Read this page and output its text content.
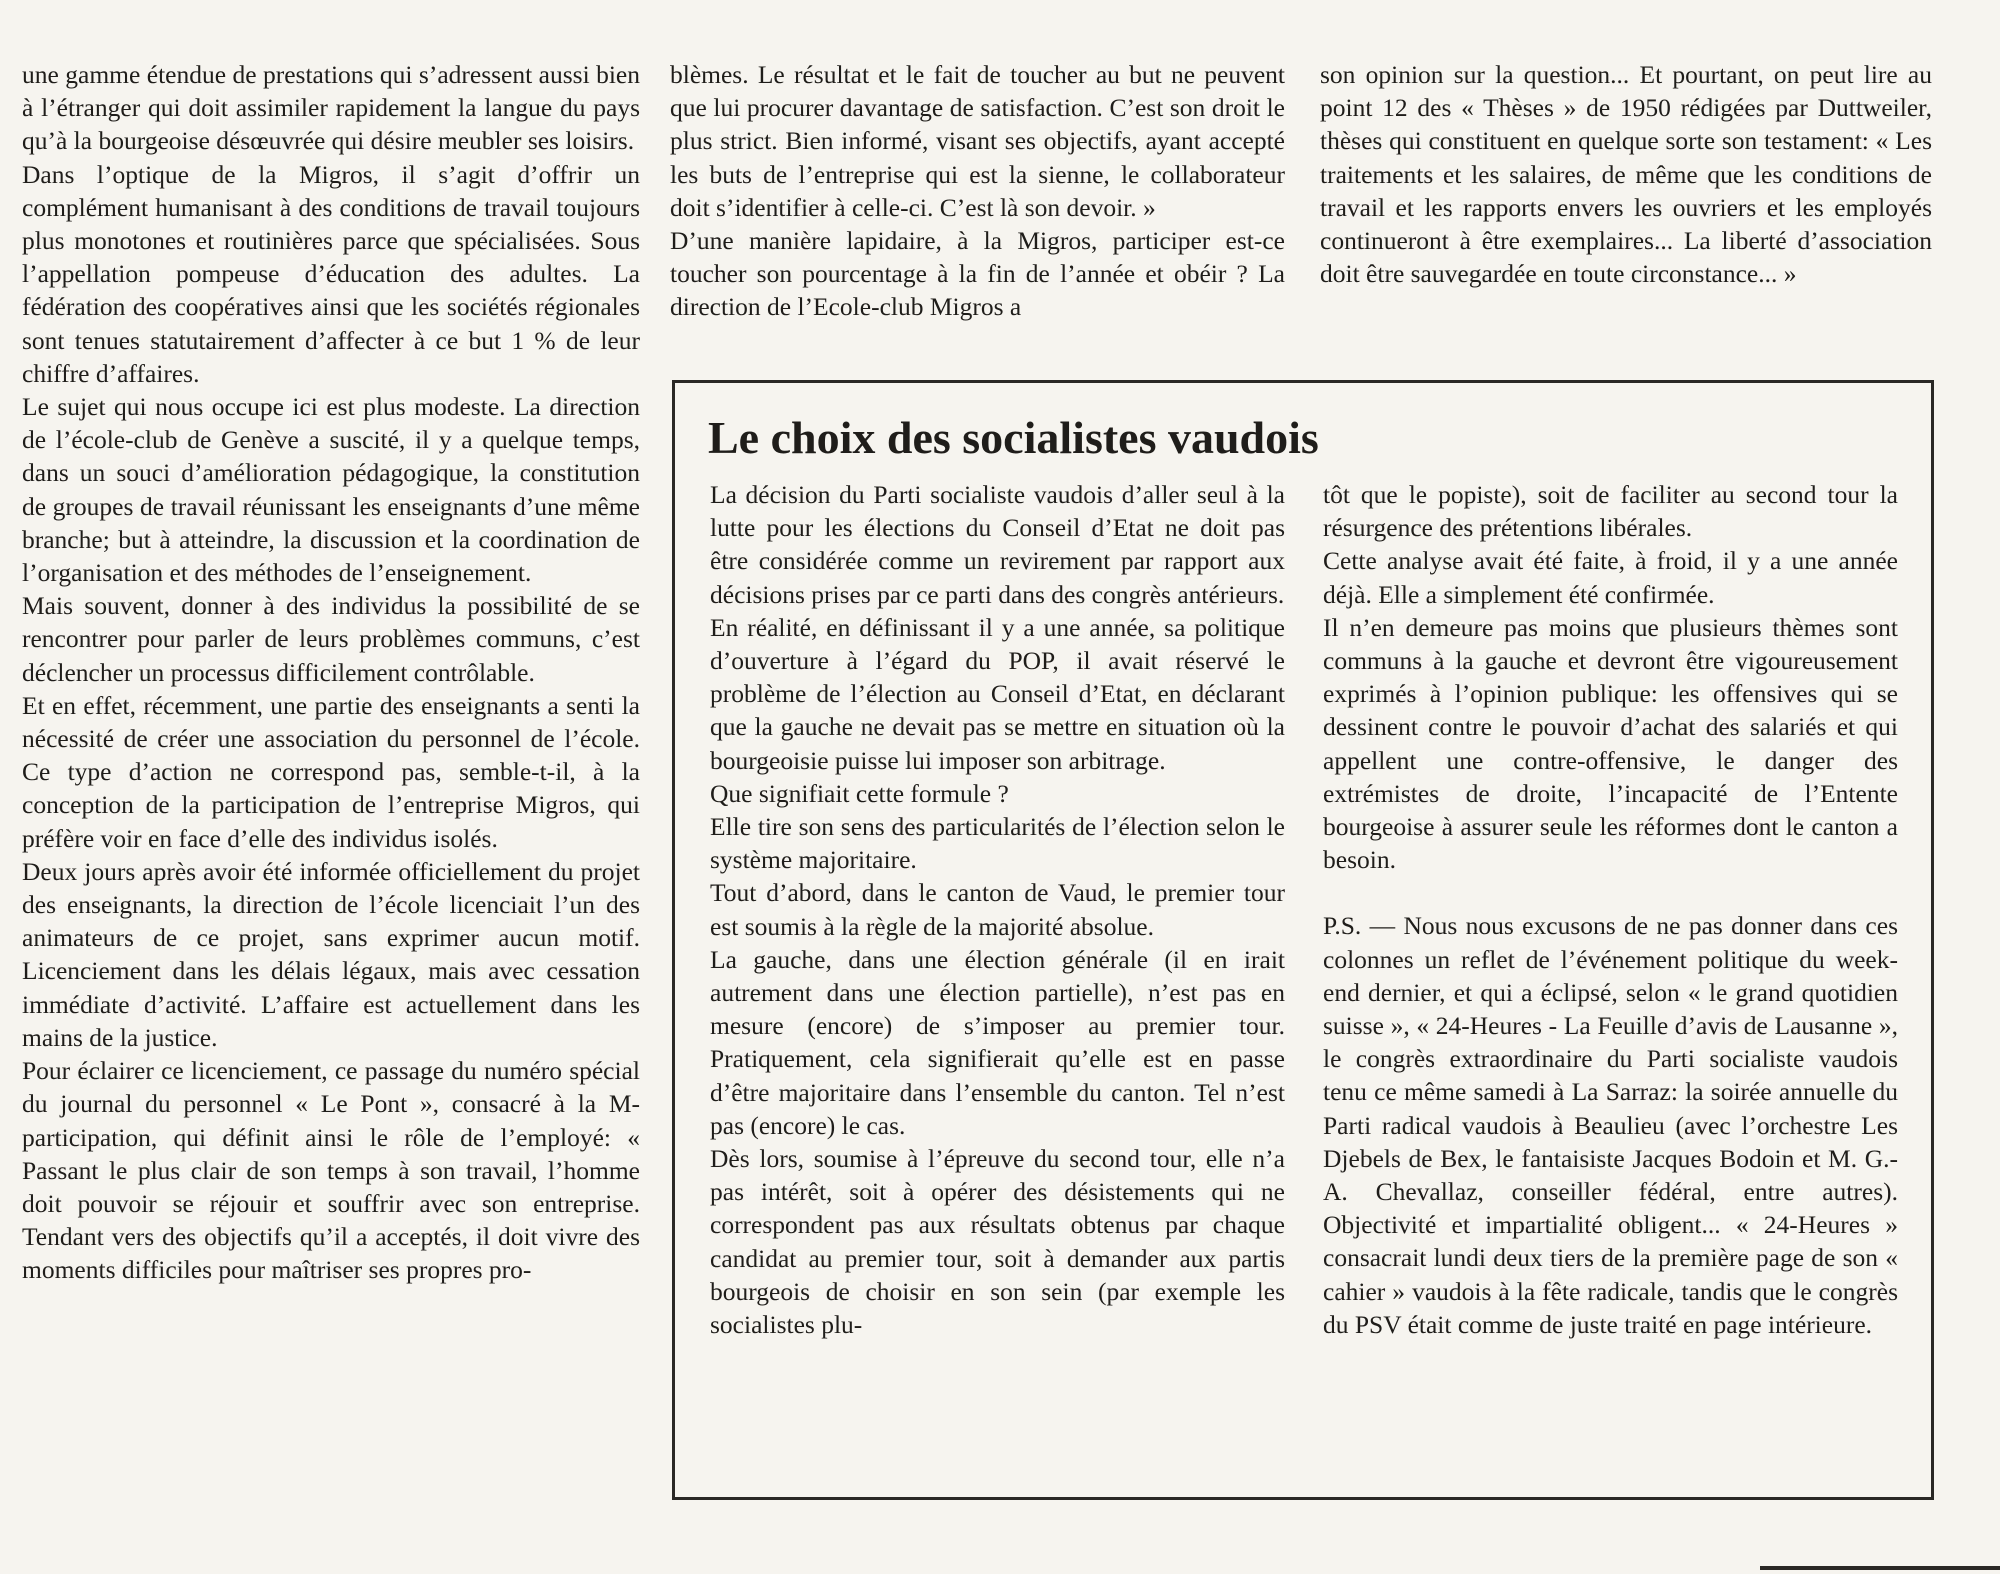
une gamme étendue de prestations qui s’adressent aussi bien à l’étranger qui doit assimiler rapidement la langue du pays qu’à la bourgeoise désœuvrée qui désire meubler ses loisirs.

Dans l’optique de la Migros, il s’agit d’offrir un complément humanisant à des conditions de travail toujours plus monotones et routinières parce que spécialisées. Sous l’appellation pompeuse d’éducation des adultes. La fédération des coopératives ainsi que les sociétés régionales sont tenues statutairement d’affecter à ce but 1 % de leur chiffre d’affaires.

Le sujet qui nous occupe ici est plus modeste. La direction de l’école-club de Genève a suscité, il y a quelque temps, dans un souci d’amélioration pédagogique, la constitution de groupes de travail réunissant les enseignants d’une même branche; but à atteindre, la discussion et la coordination de l’organisation et des méthodes de l’enseignement.

Mais souvent, donner à des individus la possibilité de se rencontrer pour parler de leurs problèmes communs, c’est déclencher un processus difficilement contrôlable.

Et en effet, récemment, une partie des enseignants a senti la nécessité de créer une association du personnel de l’école. Ce type d’action ne correspond pas, semble-t-il, à la conception de la participation de l’entreprise Migros, qui préfère voir en face d’elle des individus isolés.

Deux jours après avoir été informée officiellement du projet des enseignants, la direction de l’école licenciait l’un des animateurs de ce projet, sans exprimer aucun motif. Licenciement dans les délais légaux, mais avec cessation immédiate d’activité. L’affaire est actuellement dans les mains de la justice.

Pour éclairer ce licenciement, ce passage du numéro spécial du journal du personnel « Le Pont », consacré à la M-participation, qui définit ainsi le rôle de l’employé: « Passant le plus clair de son temps à son travail, l’homme doit pouvoir se réjouir et souffrir avec son entreprise. Tendant vers des objectifs qu’il a acceptés, il doit vivre des moments difficiles pour maîtriser ses propres pro-

blèmes. Le résultat et le fait de toucher au but ne peuvent que lui procurer davantage de satisfaction. C’est son droit le plus strict. Bien informé, visant ses objectifs, ayant accepté les buts de l’entreprise qui est la sienne, le collaborateur doit s’identifier à celle-ci. C’est là son devoir. »

D’une manière lapidaire, à la Migros, participer est-ce toucher son pourcentage à la fin de l’année et obéir ? La direction de l’Ecole-club Migros a

son opinion sur la question... Et pourtant, on peut lire au point 12 des « Thèses » de 1950 rédigées par Duttweiler, thèses qui constituent en quelque sorte son testament: « Les traitements et les salaires, de même que les conditions de travail et les rapports envers les ouvriers et les employés continueront à être exemplaires... La liberté d’association doit être sauvegardée en toute circonstance... »

Le choix des socialistes vaudois

La décision du Parti socialiste vaudois d’aller seul à la lutte pour les élections du Conseil d’Etat ne doit pas être considérée comme un revirement par rapport aux décisions prises par ce parti dans des congrès antérieurs.

En réalité, en définissant il y a une année, sa politique d’ouverture à l’égard du POP, il avait réservé le problème de l’élection au Conseil d’Etat, en déclarant que la gauche ne devait pas se mettre en situation où la bourgeoisie puisse lui imposer son arbitrage.

Que signifiait cette formule ?

Elle tire son sens des particularités de l’élection selon le système majoritaire.

Tout d’abord, dans le canton de Vaud, le premier tour est soumis à la règle de la majorité absolue.

La gauche, dans une élection générale (il en irait autrement dans une élection partielle), n’est pas en mesure (encore) de s’imposer au premier tour. Pratiquement, cela signifierait qu’elle est en passe d’être majoritaire dans l’ensemble du canton. Tel n’est pas (encore) le cas.

Dès lors, soumise à l’épreuve du second tour, elle n’a pas intérêt, soit à opérer des désistements qui ne correspondent pas aux résultats obtenus par chaque candidat au premier tour, soit à demander aux partis bourgeois de choisir en son sein (par exemple les socialistes plu-

tôt que le popiste), soit de faciliter au second tour la résurgence des prétentions libérales.

Cette analyse avait été faite, à froid, il y a une année déjà. Elle a simplement été confirmée.

Il n’en demeure pas moins que plusieurs thèmes sont communs à la gauche et devront être vigoureusement exprimés à l’opinion publique: les offensives qui se dessinent contre le pouvoir d’achat des salariés et qui appellent une contre-offensive, le danger des extrémistes de droite, l’incapacité de l’Entente bourgeoise à assurer seule les réformes dont le canton a besoin.

P.S. — Nous nous excusons de ne pas donner dans ces colonnes un reflet de l’événement politique du week-end dernier, et qui a éclipsé, selon « le grand quotidien suisse », « 24-Heures - La Feuille d’avis de Lausanne », le congrès extraordinaire du Parti socialiste vaudois tenu ce même samedi à La Sarraz: la soirée annuelle du Parti radical vaudois à Beaulieu (avec l’orchestre Les Djebels de Bex, le fantaisiste Jacques Bodoin et M. G.-A. Chevallaz, conseiller fédéral, entre autres). Objectivité et impartialité obligent... « 24-Heures » consacrait lundi deux tiers de la première page de son « cahier » vaudois à la fête radicale, tandis que le congrès du PSV était comme de juste traité en page intérieure.
